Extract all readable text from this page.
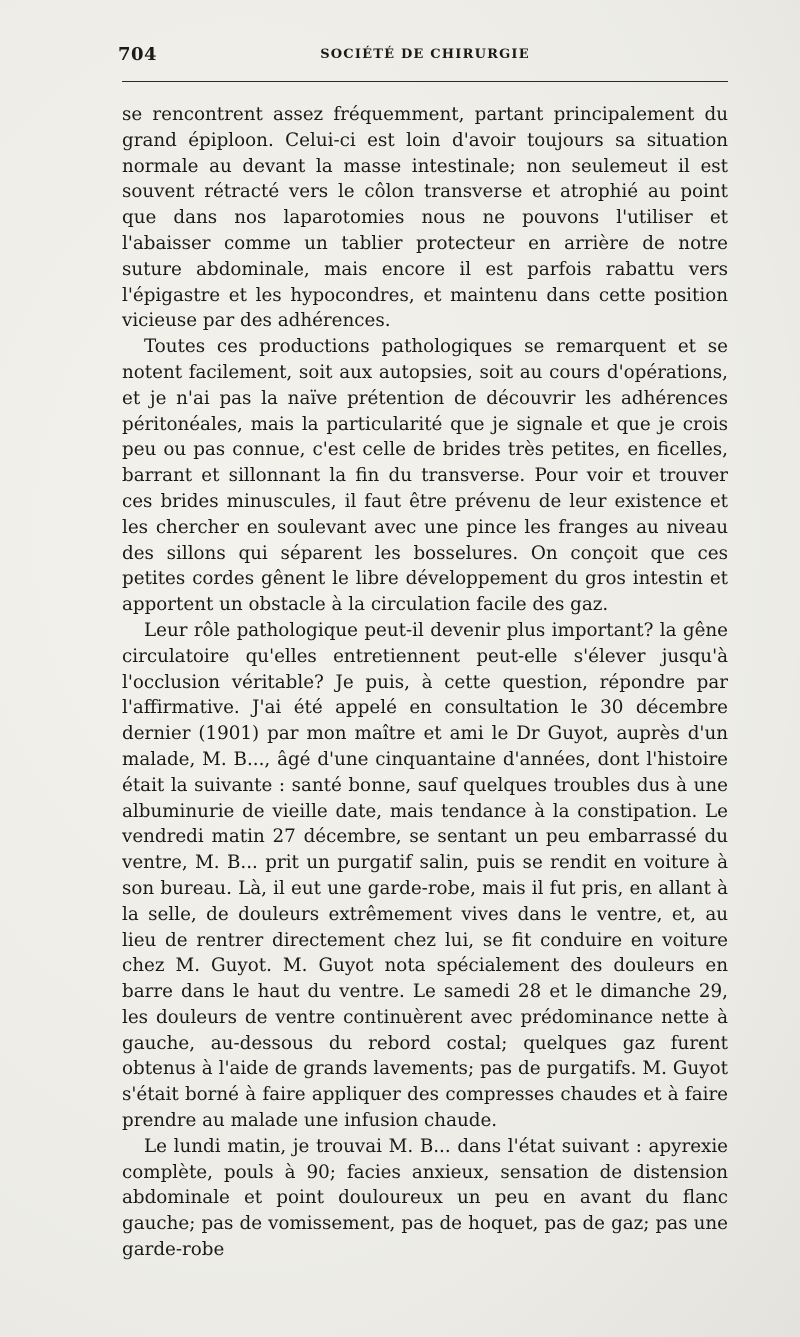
704	SOCIÉTÉ DE CHIRURGIE

se rencontrent assez fréquemment, partant principalement du grand épiploon. Celui-ci est loin d'avoir toujours sa situation normale au devant la masse intestinale; non seulemeut il est souvent rétracté vers le côlon transverse et atrophié au point que dans nos laparotomies nous ne pouvons l'utiliser et l'abaisser comme un tablier protecteur en arrière de notre suture abdominale, mais encore il est parfois rabattu vers l'épigastre et les hypocondres, et maintenu dans cette position vicieuse par des adhérences.

Toutes ces productions pathologiques se remarquent et se notent facilement, soit aux autopsies, soit au cours d'opérations, et je n'ai pas la naïve prétention de découvrir les adhérences péritonéales, mais la particularité que je signale et que je crois peu ou pas connue, c'est celle de brides très petites, en ficelles, barrant et sillonnant la fin du transverse. Pour voir et trouver ces brides minuscules, il faut être prévenu de leur existence et les chercher en soulevant avec une pince les franges au niveau des sillons qui séparent les bosselures. On conçoit que ces petites cordes gênent le libre développement du gros intestin et apportent un obstacle à la circulation facile des gaz.

Leur rôle pathologique peut-il devenir plus important? la gêne circulatoire qu'elles entretiennent peut-elle s'élever jusqu'à l'occlusion véritable? Je puis, à cette question, répondre par l'affirmative. J'ai été appelé en consultation le 30 décembre dernier (1901) par mon maître et ami le Dr Guyot, auprès d'un malade, M. B..., âgé d'une cinquantaine d'années, dont l'histoire était la suivante : santé bonne, sauf quelques troubles dus à une albuminurie de vieille date, mais tendance à la constipation. Le vendredi matin 27 décembre, se sentant un peu embarrassé du ventre, M. B... prit un purgatif salin, puis se rendit en voiture à son bureau. Là, il eut une garde-robe, mais il fut pris, en allant à la selle, de douleurs extrêmement vives dans le ventre, et, au lieu de rentrer directement chez lui, se fit conduire en voiture chez M. Guyot. M. Guyot nota spécialement des douleurs en barre dans le haut du ventre. Le samedi 28 et le dimanche 29, les douleurs de ventre continuèrent avec prédominance nette à gauche, au-dessous du rebord costal; quelques gaz furent obtenus à l'aide de grands lavements; pas de purgatifs. M. Guyot s'était borné à faire appliquer des compresses chaudes et à faire prendre au malade une infusion chaude.

Le lundi matin, je trouvai M. B... dans l'état suivant : apyrexie complète, pouls à 90; facies anxieux, sensation de distension abdominale et point douloureux un peu en avant du flanc gauche; pas de vomissement, pas de hoquet, pas de gaz; pas une garde-robe
